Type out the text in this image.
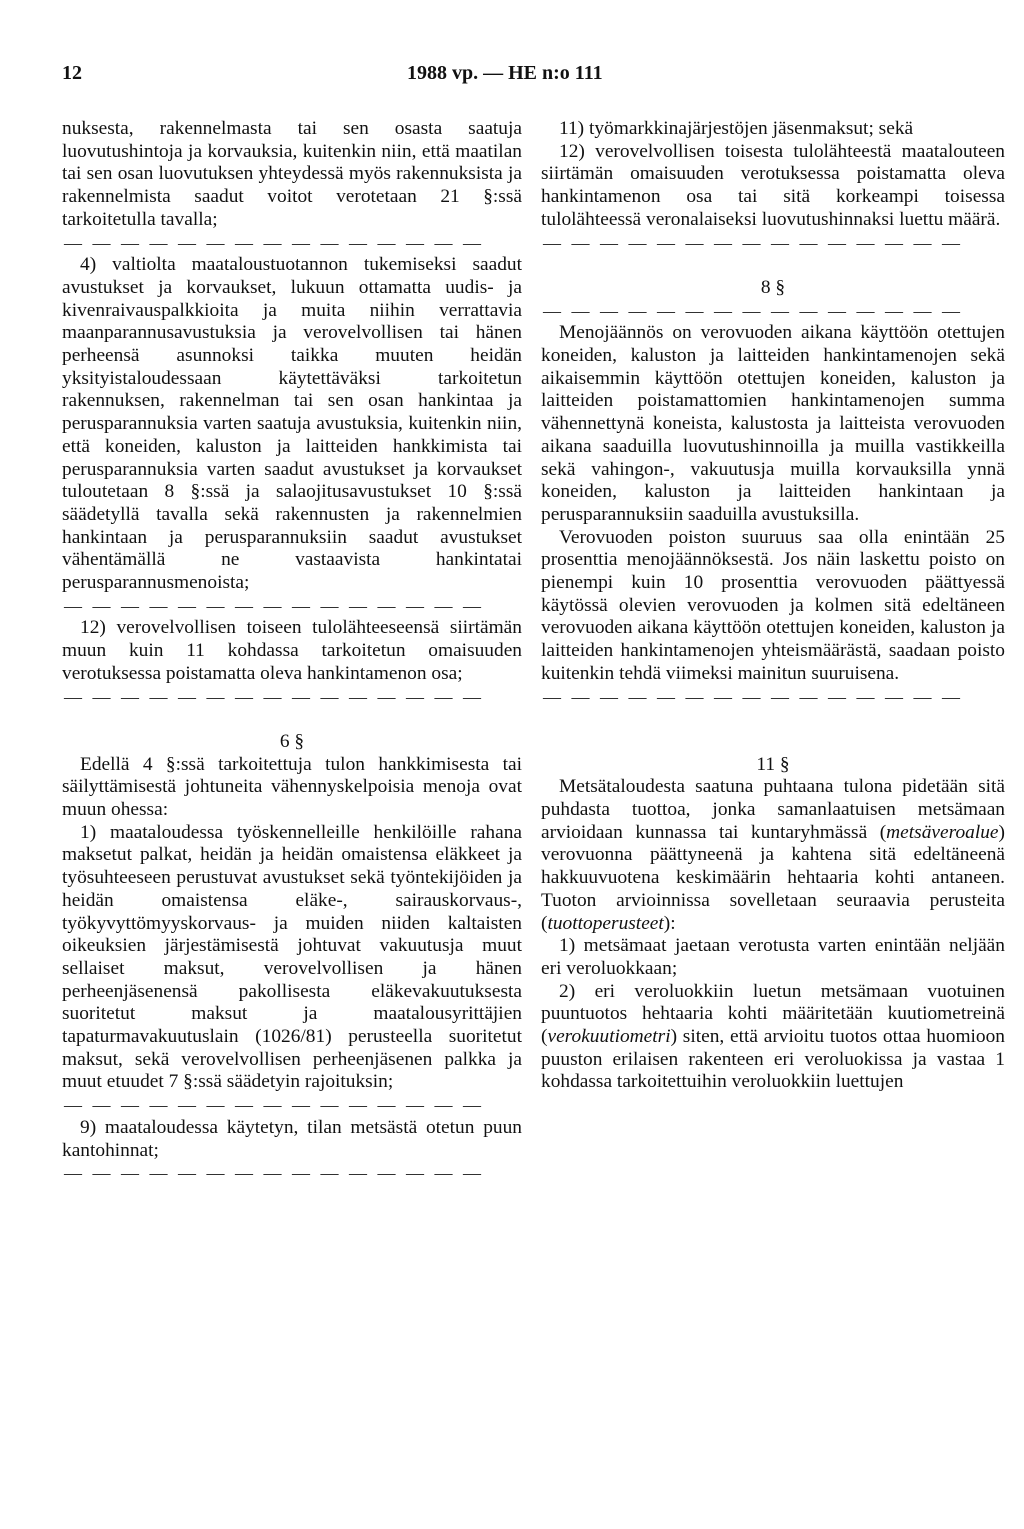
12	1988 vp. — HE n:o 111

nuksesta, rakennelmasta tai sen osasta saatuja luovutushintoja ja korvauksia, kuitenkin niin, että maatilan tai sen osan luovutuksen yhteydessä myös rakennuksista ja rakennelmista saadut voitot verotetaan 21 §:ssä tarkoitetulla tavalla;

— — — — — — — — — — — — — — —

4) valtiolta maataloustuotannon tukemiseksi saadut avustukset ja korvaukset, lukuun ottamatta uudis- ja kivenraivauspalkkioita ja muita niihin verrattavia maanparannusavustuksia ja verovelvollisen tai hänen perheensä asunnoksi taikka muuten heidän yksityistaloudessaan käytettäväksi tarkoitetun rakennuksen, rakennelman tai sen osan hankintaa ja perusparannuksia varten saatuja avustuksia, kuitenkin niin, että koneiden, kaluston ja laitteiden hankkimista tai perusparannuksia varten saadut avustukset ja korvaukset tuloutetaan 8 §:ssä ja salaojitusavustukset 10 §:ssä säädetyllä tavalla sekä rakennusten ja rakennelmien hankintaan ja perusparannuksiin saadut avustukset vähentämällä ne vastaavista hankintatai perusparannusmenoista;

— — — — — — — — — — — — — — —

12) verovelvollisen toiseen tulolähteeseensä siirtämän muun kuin 11 kohdassa tarkoitetun omaisuuden verotuksessa poistamatta oleva hankintamenon osa;

— — — — — — — — — — — — — — —

6 §

Edellä 4 §:ssä tarkoitettuja tulon hankkimisesta tai säilyttämisestä johtuneita vähennyskelpoisia menoja ovat muun ohessa:

1) maataloudessa työskennelleille henkilöille rahana maksetut palkat, heidän ja heidän omaistensa eläkkeet ja työsuhteeseen perustuvat avustukset sekä työntekijöiden ja heidän omaistensa eläke-, sairauskorvaus-, työkyvyttömyyskorvaus- ja muiden niiden kaltaisten oikeuksien järjestämisestä johtuvat vakuutusja muut sellaiset maksut, verovelvollisen ja hänen perheenjäsenensä pakollisesta eläkevakuutuksesta suoritetut maksut ja maatalousyrittäjien tapaturmavakuutuslain (1026/81) perusteella suoritetut maksut, sekä verovelvollisen perheenjäsenen palkka ja muut etuudet 7 §:ssä säädetyin rajoituksin;

— — — — — — — — — — — — — — —

9) maataloudessa käytetyn, tilan metsästä otetun puun kantohinnat;

— — — — — — — — — — — — — — —

11) työmarkkinajärjestöjen jäsenmaksut; sekä

12) verovelvollisen toisesta tulolähteestä maatalouteen siirtämän omaisuuden verotuksessa poistamatta oleva hankintamenon osa tai sitä korkeampi toisessa tulolähteessä veronalaiseksi luovutushinnaksi luettu määrä.

— — — — — — — — — — — — — — —

8 §

— — — — — — — — — — — — — — —

Menojäännös on verovuoden aikana käyttöön otettujen koneiden, kaluston ja laitteiden hankintamenojen sekä aikaisemmin käyttöön otettujen koneiden, kaluston ja laitteiden poistamattomien hankintamenojen summa vähennettynä koneista, kalustosta ja laitteista verovuoden aikana saaduilla luovutushinnoilla ja muilla vastikkeilla sekä vahingon-, vakuutusja muilla korvauksilla ynnä koneiden, kaluston ja laitteiden hankintaan ja perusparannuksiin saaduilla avustuksilla.

Verovuoden poiston suuruus saa olla enintään 25 prosenttia menojäännöksestä. Jos näin laskettu poisto on pienempi kuin 10 prosenttia verovuoden päättyessä käytössä olevien verovuoden ja kolmen sitä edeltäneen verovuoden aikana käyttöön otettujen koneiden, kaluston ja laitteiden hankintamenojen yhteismäärästä, saadaan poisto kuitenkin tehdä viimeksi mainitun suuruisena.

— — — — — — — — — — — — — — —

11 §

Metsätaloudesta saatuna puhtaana tulona pidetään sitä puhdasta tuottoa, jonka samanlaatuisen metsämaan arvioidaan kunnassa tai kuntaryhmässä (metsäveroalue) verovuonna päättyneenä ja kahtena sitä edeltäneenä hakkuuvuotena keskimäärin hehtaaria kohti antaneen. Tuoton arvioinnissa sovelletaan seuraavia perusteita (tuottoperusteet):

1) metsämaat jaetaan verotusta varten enintään neljään eri veroluokkaan;

2) eri veroluokkiin luetun metsämaan vuotuinen puuntuotos hehtaaria kohti määritetään kuutiometreinä (verokuutiometri) siten, että arvioitu tuotos ottaa huomioon puuston erilaisen rakenteen eri veroluokissa ja vastaa 1 kohdassa tarkoitettuihin veroluokkiin luettujen
